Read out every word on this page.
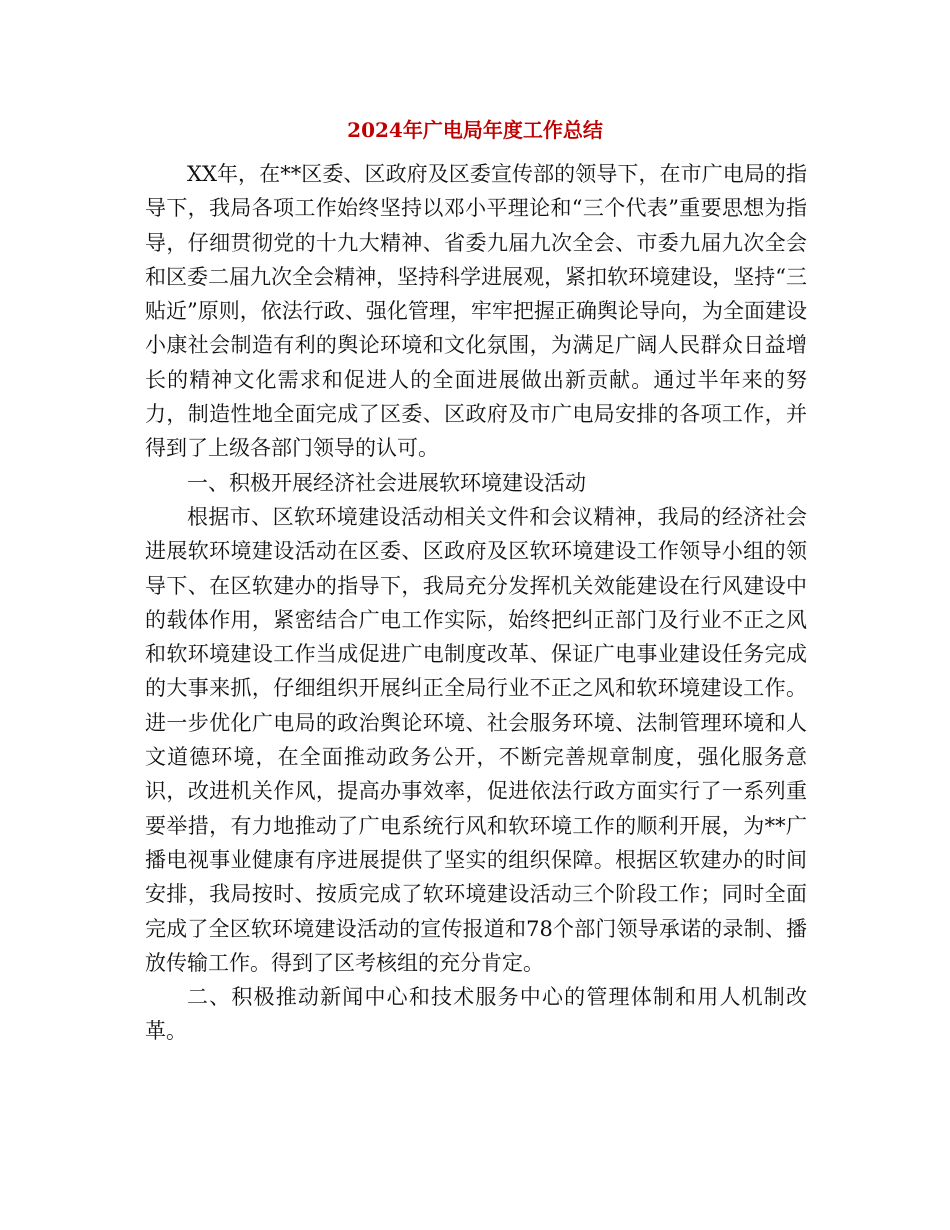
2024年广电局年度工作总结

XX年，在**区委、区政府及区委宣传部的领导下，在市广电局的指导下，我局各项工作始终坚持以邓小平理论和“三个代表”重要思想为指导，仔细贯彻党的十九大精神、省委九届九次全会、市委九届九次全会和区委二届九次全会精神，坚持科学进展观，紧扣软环境建设，坚持“三贴近”原则，依法行政、强化管理，牢牢把握正确舆论导向，为全面建设小康社会制造有利的舆论环境和文化氛围，为满足广阔人民群众日益增长的精神文化需求和促进人的全面进展做出新贡献。通过半年来的努力，制造性地全面完成了区委、区政府及市广电局安排的各项工作，并得到了上级各部门领导的认可。

一、积极开展经济社会进展软环境建设活动

根据市、区软环境建设活动相关文件和会议精神，我局的经济社会进展软环境建设活动在区委、区政府及区软环境建设工作领导小组的领导下、在区软建办的指导下，我局充分发挥机关效能建设在行风建设中的载体作用，紧密结合广电工作实际，始终把纠正部门及行业不正之风和软环境建设工作当成促进广电制度改革、保证广电事业建设任务完成的大事来抓，仔细组织开展纠正全局行业不正之风和软环境建设工作。进一步优化广电局的政治舆论环境、社会服务环境、法制管理环境和人文道德环境，在全面推动政务公开，不断完善规章制度，强化服务意识，改进机关作风，提高办事效率，促进依法行政方面实行了一系列重要举措，有力地推动了广电系统行风和软环境工作的顺利开展，为**广播电视事业健康有序进展提供了坚实的组织保障。根据区软建办的时间安排，我局按时、按质完成了软环境建设活动三个阶段工作；同时全面完成了全区软环境建设活动的宣传报道和78个部门领导承诺的录制、播放传输工作。得到了区考核组的充分肯定。

二、积极推动新闻中心和技术服务中心的管理体制和用人机制改革。
